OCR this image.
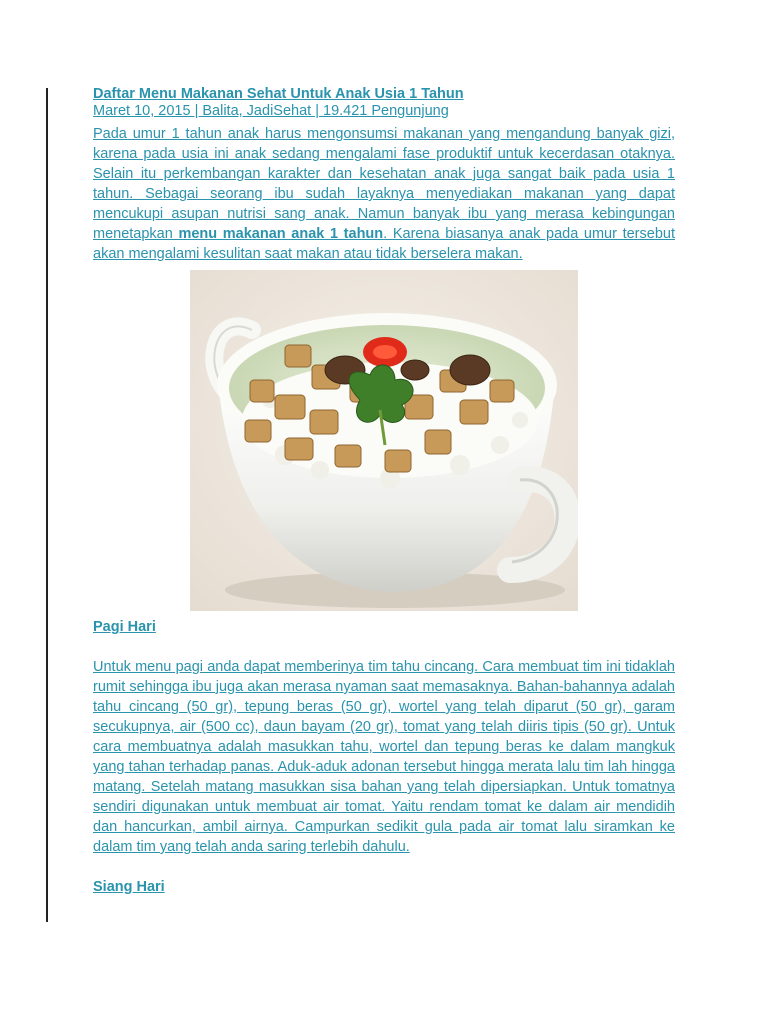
Daftar Menu Makanan Sehat Untuk Anak Usia 1 Tahun
Maret 10, 2015 | Balita, JadiSehat | 19.421 Pengunjung

Pada umur 1 tahun anak harus mengonsumsi makanan yang mengandung banyak gizi, karena pada usia ini anak sedang mengalami fase produktif untuk kecerdasan otaknya. Selain itu perkembangan karakter dan kesehatan anak juga sangat baik pada usia 1 tahun. Sebagai seorang ibu sudah layaknya menyediakan makanan yang dapat mencukupi asupan nutrisi sang anak. Namun banyak ibu yang merasa kebingungan menetapkan menu makanan anak 1 tahun. Karena biasanya anak pada umur tersebut akan mengalami kesulitan saat makan atau tidak berselera makan.

Pagi Hari

Untuk menu pagi anda dapat memberinya tim tahu cincang. Cara membuat tim ini tidaklah rumit sehingga ibu juga akan merasa nyaman saat memasaknya. Bahan-bahannya adalah tahu cincang (50 gr), tepung beras (50 gr), wortel yang telah diparut (50 gr), garam secukupnya, air (500 cc), daun bayam (20 gr), tomat yang telah diiris tipis (50 gr). Untuk cara membuatnya adalah masukkan tahu, wortel dan tepung beras ke dalam mangkuk yang tahan terhadap panas. Aduk-aduk adonan tersebut hingga merata lalu tim lah hingga matang. Setelah matang masukkan sisa bahan yang telah dipersiapkan. Untuk tomatnya sendiri digunakan untuk membuat air tomat. Yaitu rendam tomat ke dalam air mendidih dan hancurkan, ambil airnya. Campurkan sedikit gula pada air tomat lalu siramkan ke dalam tim yang telah anda saring terlebih dahulu.

Siang Hari
